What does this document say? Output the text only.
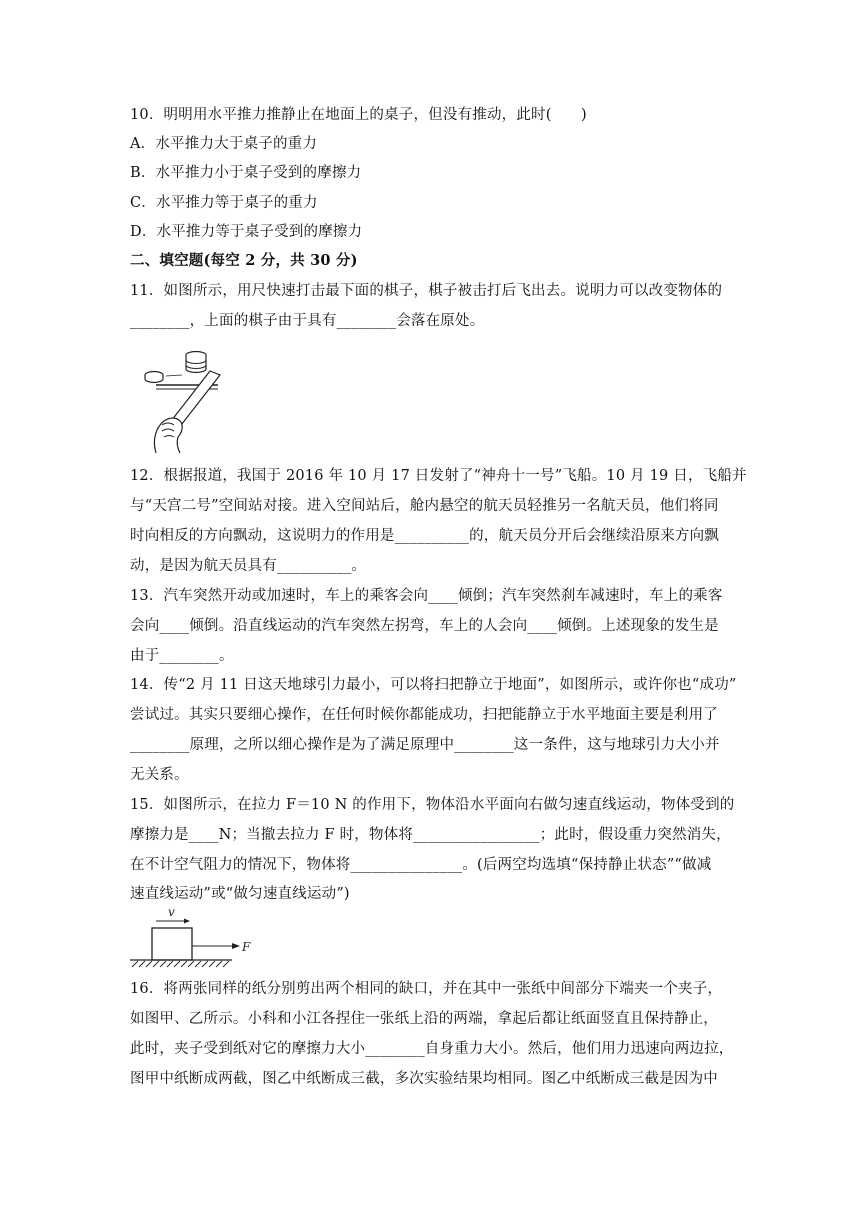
10．明明用水平推力推静止在地面上的桌子，但没有推动，此时(　　)
A．水平推力大于桌子的重力
B．水平推力小于桌子受到的摩擦力
C．水平推力等于桌子的重力
D．水平推力等于桌子受到的摩擦力
二、填空题(每空 2 分，共 30 分)
11．如图所示，用尺快速打击最下面的棋子，棋子被击打后飞出去。说明力可以改变物体的
________，上面的棋子由于具有________会落在原处。
12．根据报道，我国于 2016 年 10 月 17 日发射了“神舟十一号”飞船。10 月 19 日，飞船并
与“天宫二号”空间站对接。进入空间站后，舱内悬空的航天员轻推另一名航天员，他们将同
时向相反的方向飘动，这说明力的作用是__________的，航天员分开后会继续沿原来方向飘
动，是因为航天员具有__________。
13．汽车突然开动或加速时，车上的乘客会向____倾倒；汽车突然刹车减速时，车上的乘客
会向____倾倒。沿直线运动的汽车突然左拐弯，车上的人会向____倾倒。上述现象的发生是
由于________。
14．传“2 月 11 日这天地球引力最小，可以将扫把静立于地面”，如图所示，或许你也“成功”
尝试过。其实只要细心操作，在任何时候你都能成功，扫把能静立于水平地面主要是利用了
________原理，之所以细心操作是为了满足原理中________这一条件，这与地球引力大小并
无关系。
15．如图所示，在拉力 F＝10 N 的作用下，物体沿水平面向右做匀速直线运动，物体受到的
摩擦力是____N；当撤去拉力 F 时，物体将_________________；此时，假设重力突然消失，
在不计空气阻力的情况下，物体将_______________。(后两空均选填“保持静止状态”“做减
速直线运动”或“做匀速直线运动”)
v
F
16．将两张同样的纸分别剪出两个相同的缺口，并在其中一张纸中间部分下端夹一个夹子，
如图甲、乙所示。小科和小江各捏住一张纸上沿的两端，拿起后都让纸面竖直且保持静止，
此时，夹子受到纸对它的摩擦力大小________自身重力大小。然后，他们用力迅速向两边拉，
图甲中纸断成两截，图乙中纸断成三截，多次实验结果均相同。图乙中纸断成三截是因为中
